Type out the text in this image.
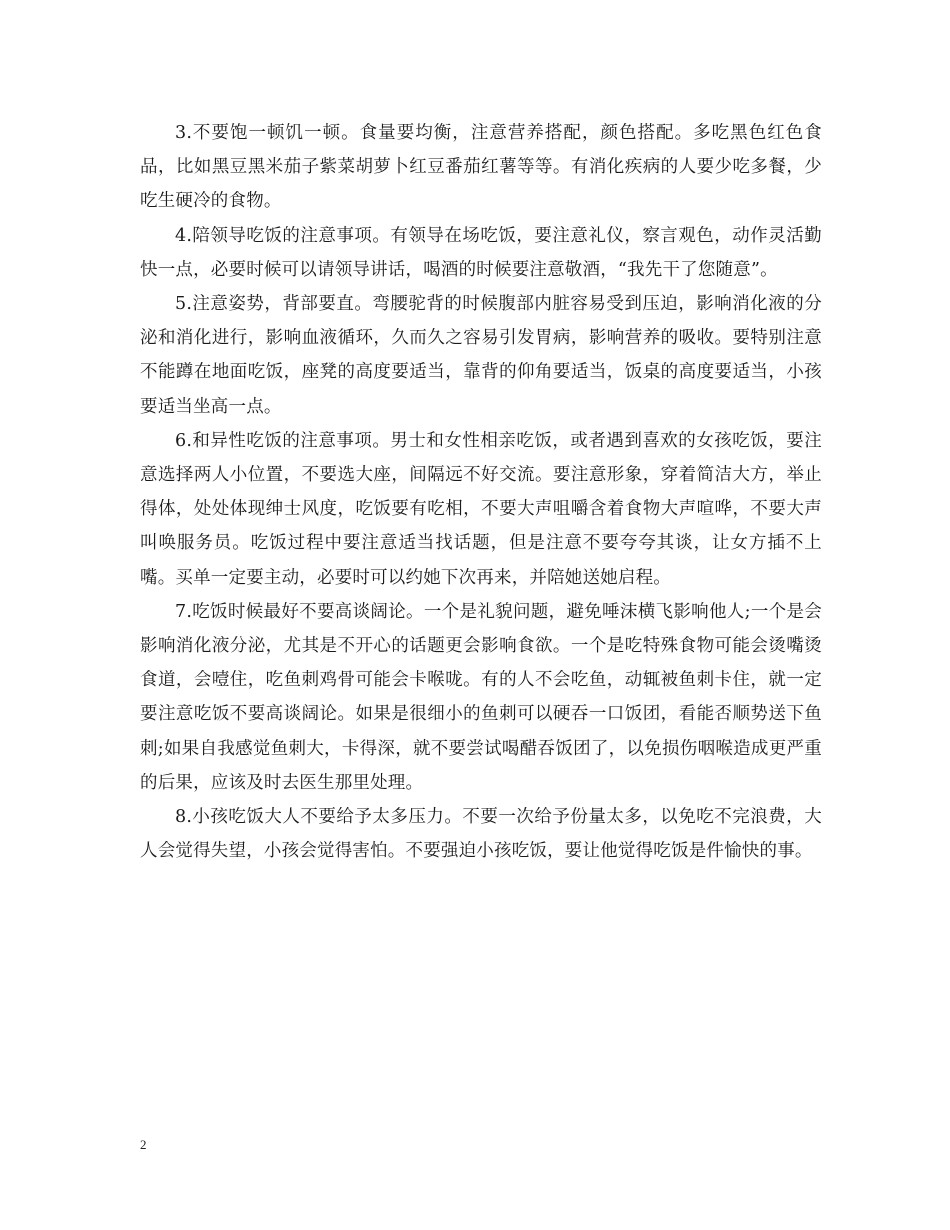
3.不要饱一顿饥一顿。食量要均衡，注意营养搭配，颜色搭配。多吃黑色红色食品，比如黑豆黑米茄子紫菜胡萝卜红豆番茄红薯等等。有消化疾病的人要少吃多餐，少吃生硬冷的食物。

4.陪领导吃饭的注意事项。有领导在场吃饭，要注意礼仪，察言观色，动作灵活勤快一点，必要时候可以请领导讲话，喝酒的时候要注意敬酒，“我先干了您随意”。

5.注意姿势，背部要直。弯腰驼背的时候腹部内脏容易受到压迫，影响消化液的分泌和消化进行，影响血液循环，久而久之容易引发胃病，影响营养的吸收。要特别注意不能蹲在地面吃饭，座凳的高度要适当，靠背的仰角要适当，饭桌的高度要适当，小孩要适当坐高一点。

6.和异性吃饭的注意事项。男士和女性相亲吃饭，或者遇到喜欢的女孩吃饭，要注意选择两人小位置，不要选大座，间隔远不好交流。要注意形象，穿着简洁大方，举止得体，处处体现绅士风度，吃饭要有吃相，不要大声咀嚼含着食物大声喧哗，不要大声叫唤服务员。吃饭过程中要注意适当找话题，但是注意不要夸夸其谈，让女方插不上嘴。买单一定要主动，必要时可以约她下次再来，并陪她送她启程。

7.吃饭时候最好不要高谈阔论。一个是礼貌问题，避免唾沫横飞影响他人;一个是会影响消化液分泌，尤其是不开心的话题更会影响食欲。一个是吃特殊食物可能会烫嘴烫食道，会噎住，吃鱼刺鸡骨可能会卡喉咙。有的人不会吃鱼，动辄被鱼刺卡住，就一定要注意吃饭不要高谈阔论。如果是很细小的鱼刺可以硬吞一口饭团，看能否顺势送下鱼刺;如果自我感觉鱼刺大，卡得深，就不要尝试喝醋吞饭团了，以免损伤咽喉造成更严重的后果，应该及时去医生那里处理。

8.小孩吃饭大人不要给予太多压力。不要一次给予份量太多，以免吃不完浪费，大人会觉得失望，小孩会觉得害怕。不要强迫小孩吃饭，要让他觉得吃饭是件愉快的事。

2
